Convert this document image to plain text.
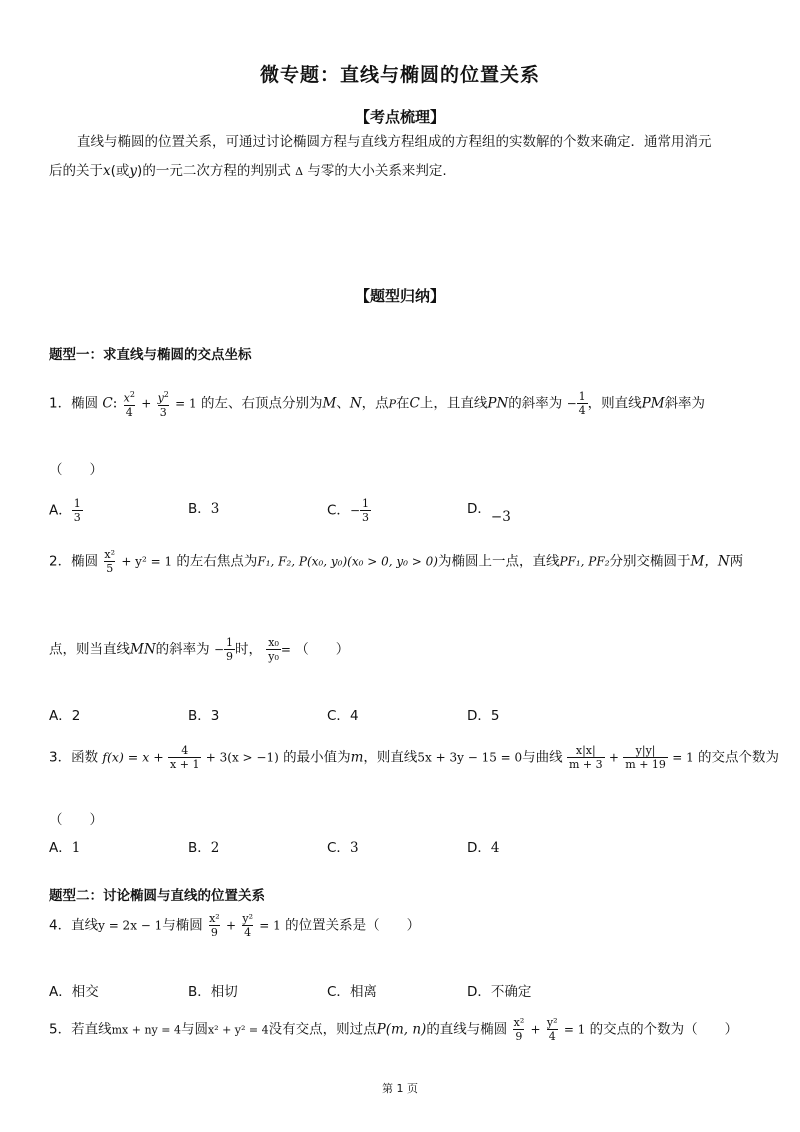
微专题：直线与椭圆的位置关系
【考点梳理】
直线与椭圆的位置关系，可通过讨论椭圆方程与直线方程组成的方程组的实数解的个数来确定．通常用消元
后的关于x(或y)的一元二次方程的判别式 Δ 与零的大小关系来判定.
【题型归纳】
题型一：求直线与椭圆的交点坐标
1．椭圆 C: $\frac{x^2}{4} + \frac{y^2}{3} = 1$ 的左、右顶点分别为M、N，点P在C上，且直线PN的斜率为 − $\frac{1}{4}$ ，则直线PM斜率为
（　　）
A． $\frac{1}{3}$	B．3	C．− $\frac{1}{3}$	D．−3
2．椭圆 $\frac{\text{x²}}{5} + y^2 = 1$ 的左右焦点为F₁, F₂, P(x₀, y₀)(x₀ > 0, y₀ > 0)为椭圆上一点，直线PF₁, PF₂分别交椭圆于M，N两
点，则当直线MN的斜率为 − $\frac{1}{9}$ 时， $\frac{\text{x₀}}{\text{y₀}}$ = （　　）
A．2	B．3	C．4	D．5
3．函数 $f(x) = x + \frac{4}{x + 1} + 3(x > -1)$ 的最小值为m，则直线5x + 3y − 15 = 0与曲线 $\frac{x|x|}{m + 3} + \frac{y|y|}{m + 19} = 1$ 的交点个数为
（　　）
A．1	B．2	C．3	D．4
题型二：讨论椭圆与直线的位置关系
4．直线y = 2x − 1与椭圆 $\frac{\text{x²}}{9} + \frac{\text{y²}}{4} = 1$ 的位置关系是（　　）
A．相交	B．相切	C．相离	D．不确定
5．若直线mx + ny = 4与圆x² + y² = 4没有交点，则过点P(m, n)的直线与椭圆 $\frac{\text{x²}}{9} + \frac{\text{y²}}{4} = 1$ 的交点的个数为（　　）
第 1 页
